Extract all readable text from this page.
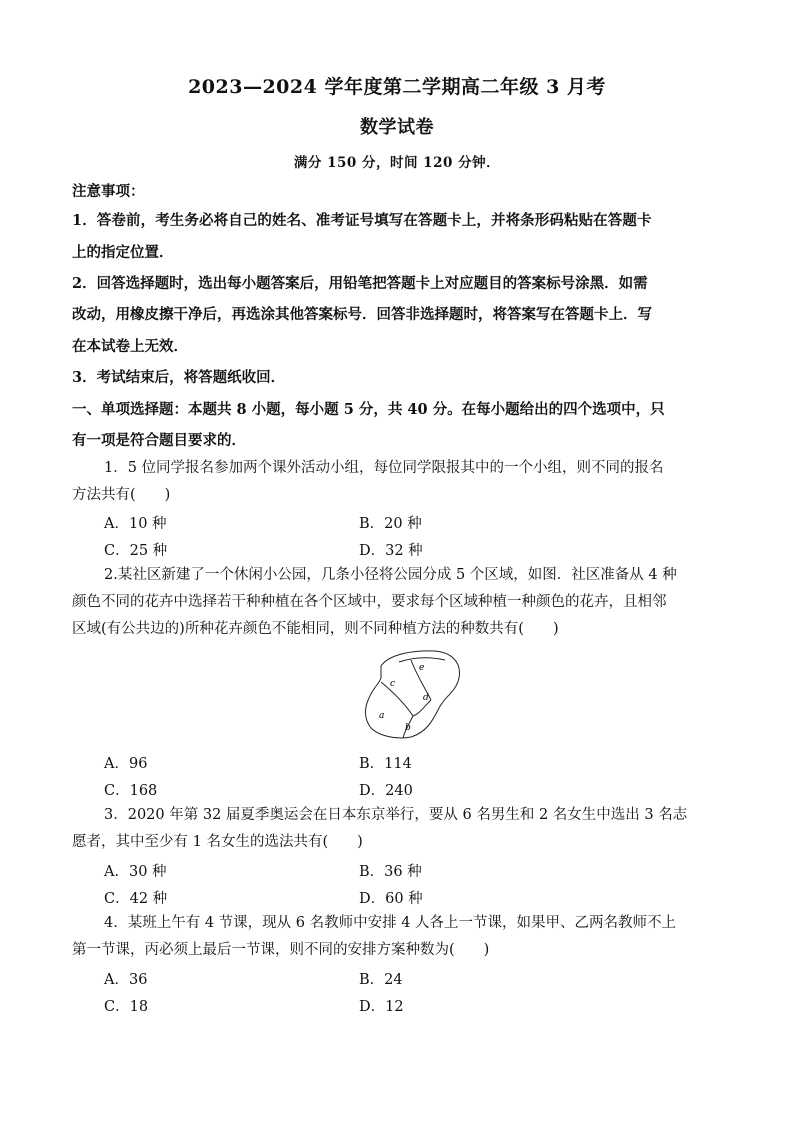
2023—2024 学年度第二学期高二年级 3 月考
数学试卷
满分 150 分，时间 120 分钟．
注意事项：
1．答卷前，考生务必将自己的姓名、准考证号填写在答题卡上，并将条形码粘贴在答题卡
上的指定位置．
2．回答选择题时，选出每小题答案后，用铅笔把答题卡上对应题目的答案标号涂黑．如需
改动，用橡皮擦干净后，再选涂其他答案标号．回答非选择题时，将答案写在答题卡上．写
在本试卷上无效．
3．考试结束后，将答题纸收回．
一、单项选择题：本题共 8 小题，每小题 5 分，共 40 分。在每小题给出的四个选项中，只
有一项是符合题目要求的．
1．5 位同学报名参加两个课外活动小组，每位同学限报其中的一个小组，则不同的报名
方法共有(　　)
A．10 种	B．20 种
C．25 种	D．32 种
2.某社区新建了一个休闲小公园，几条小径将公园分成 5 个区域，如图．社区准备从 4 种
颜色不同的花卉中选择若干种种植在各个区域中，要求每个区域种植一种颜色的花卉，且相邻
区域(有公共边的)所种花卉颜色不能相同，则不同种植方法的种数共有(　　)
a
b
c
d
e
A．96	B．114
C．168	D．240
3．2020 年第 32 届夏季奥运会在日本东京举行，要从 6 名男生和 2 名女生中选出 3 名志
愿者，其中至少有 1 名女生的选法共有(　　)
A．30 种	B．36 种
C．42 种	D．60 种
4．某班上午有 4 节课，现从 6 名教师中安排 4 人各上一节课，如果甲、乙两名教师不上
第一节课，丙必须上最后一节课，则不同的安排方案种数为(　　)
A．36	B．24
C．18	D．12
